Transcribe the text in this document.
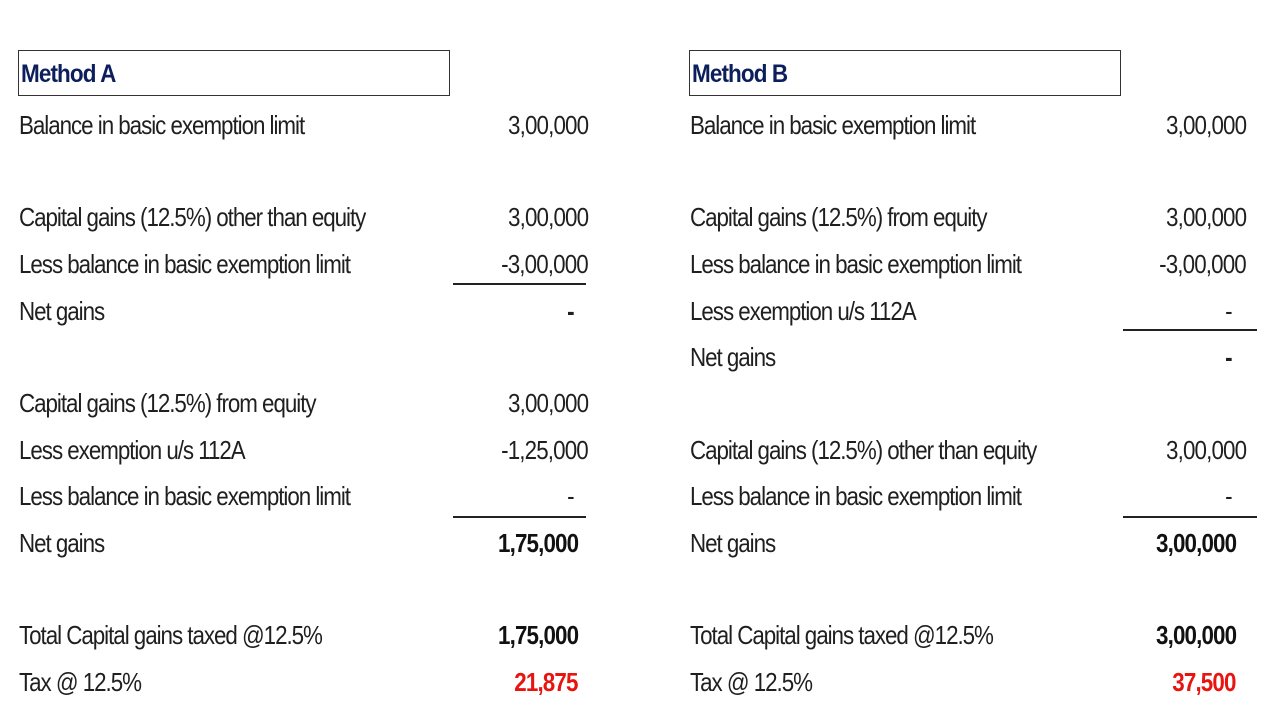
Method A
Balance in basic exemption limit	3,00,000
Capital gains (12.5%) other than equity	3,00,000
Less balance in basic exemption limit	-3,00,000
Net gains	-
Capital gains (12.5%) from equity	3,00,000
Less exemption u/s 112A	-1,25,000
Less balance in basic exemption limit	-
Net gains	1,75,000
Total Capital gains taxed @12.5%	1,75,000
Tax @ 12.5%	21,875
Method B
Balance in basic exemption limit	3,00,000
Capital gains (12.5%) from equity	3,00,000
Less balance in basic exemption limit	-3,00,000
Less exemption u/s 112A	-
Net gains	-
Capital gains (12.5%) other than equity	3,00,000
Less balance in basic exemption limit	-
Net gains	3,00,000
Total Capital gains taxed @12.5%	3,00,000
Tax @ 12.5%	37,500
